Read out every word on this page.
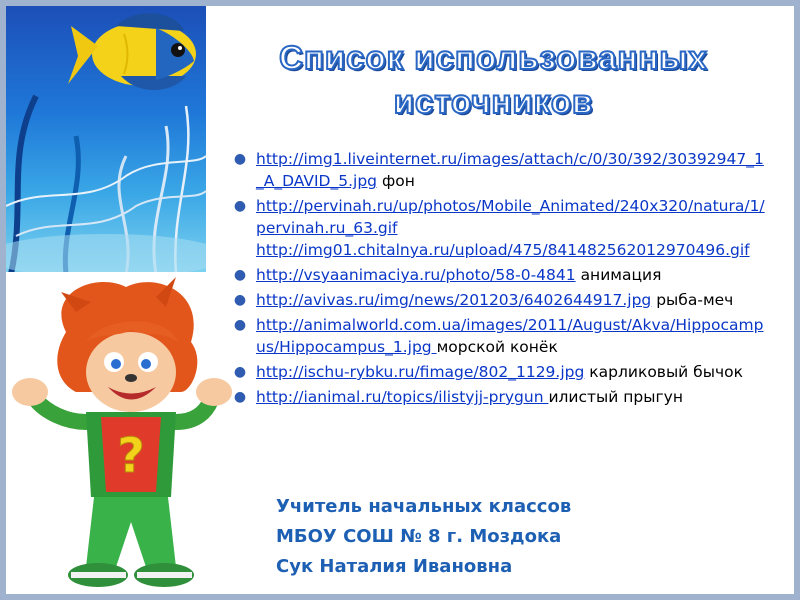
?
Список использованных
источников
● http://img1.liveinternet.ru/images/attach/c/0/30/392/30392947_1_A_DAVID_5.jpg фон
● http://pervinah.ru/up/photos/Mobile_Animated/240x320/natura/1/pervinah.ru_63.gif
http://img01.chitalnya.ru/upload/475/841482562012970496.gif
● http://vsyaanimaciya.ru/photo/58-0-4841 анимация
● http://avivas.ru/img/news/201203/6402644917.jpg рыба-меч
● http://animalworld.com.ua/images/2011/August/Akva/Hippocampus/Hippocampus_1.jpg морской конёк
● http://ischu-rybku.ru/fimage/802_1129.jpg карликовый бычок
● http://ianimal.ru/topics/ilistyjj-prygun илистый прыгун
Учитель начальных классов
МБОУ СОШ № 8 г. Моздока
Сук Наталия Ивановна
